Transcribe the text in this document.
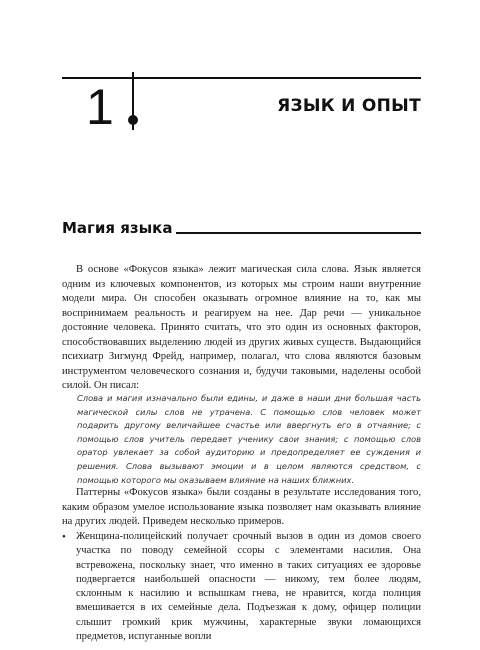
1	ЯЗЫК И ОПЫТ
Магия языка

В основе «Фокусов языка» лежит магическая сила слова. Язык является одним из ключевых компонентов, из которых мы строим наши внутренние модели мира. Он способен оказывать огромное влияние на то, как мы воспринимаем реальность и реагируем на нее. Дар речи — уникальное достояние человека. Принято считать, что это один из основных факторов, способствовавших выделению людей из других живых существ. Выдающийся психиатр Зигмунд Фрейд, например, полагал, что слова являются базовым инструментом человеческого сознания и, будучи таковыми, наделены особой силой. Он писал:

Слова и магия изначально были едины, и даже в наши дни большая часть магической силы слов не утрачена. С помощью слов человек может подарить другому величайшее счастье или ввергнуть его в отчаяние; с помощью слов учитель передает ученику свои знания; с помощью слов оратор увлекает за собой аудиторию и предопределяет ее суждения и решения. Слова вызывают эмоции и в целом являются средством, с помощью которого мы оказываем влияние на наших ближних.

Паттерны «Фокусов языка» были созданы в результате исследования того, каким образом умелое использование языка позволяет нам оказывать влияние на других людей. Приведем несколько примеров.

• Женщина-полицейский получает срочный вызов в один из домов своего участка по поводу семейной ссоры с элементами насилия. Она встревожена, поскольку знает, что именно в таких ситуациях ее здоровье подвергается наибольшей опасности — никому, тем более людям, склонным к насилию и вспышкам гнева, не нравится, когда полиция вмешивается в их семейные дела. Подъезжая к дому, офицер полиции слышит громкий крик мужчины, характерные звуки ломающихся предметов, испуганные вопли
